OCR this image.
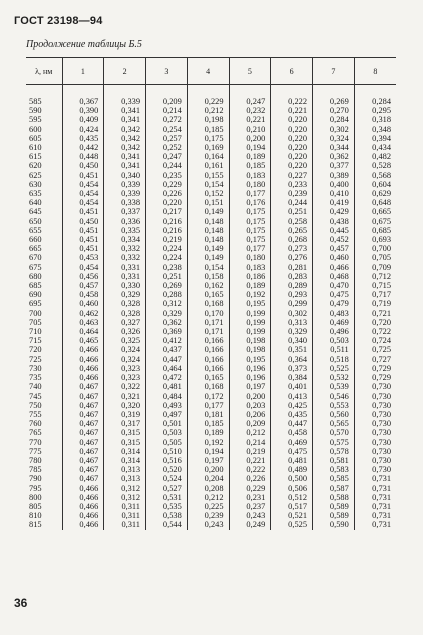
ГОСТ 23198—94
Продолжение таблицы Б.5
λ, нм	1	2	3	4	5	6	7	8

585	0,367	0,339	0,209	0,229	0,247	0,222	0,269	0,284
590	0,390	0,341	0,214	0,212	0,232	0,221	0,270	0,295
595	0,409	0,341	0,272	0,198	0,221	0,220	0,284	0,318
600	0,424	0,342	0,254	0,185	0,210	0,220	0,302	0,348
605	0,435	0,342	0,257	0,175	0,200	0,220	0,324	0,394
610	0,442	0,342	0,252	0,169	0,194	0,220	0,344	0,434
615	0,448	0,341	0,247	0,164	0,189	0,220	0,362	0,482
620	0,450	0,341	0,244	0,161	0,185	0,220	0,377	0,528
625	0,451	0,340	0,235	0,155	0,183	0,227	0,389	0,568
630	0,454	0,339	0,229	0,154	0,180	0,233	0,400	0,604
635	0,454	0,339	0,226	0,152	0,177	0,239	0,410	0,629
640	0,454	0,338	0,220	0,151	0,176	0,244	0,419	0,648
645	0,451	0,337	0,217	0,149	0,175	0,251	0,429	0,665
650	0,450	0,336	0,216	0,148	0,175	0,258	0,438	0,675
655	0,451	0,335	0,216	0,148	0,175	0,265	0,445	0,685
660	0,451	0,334	0,219	0,148	0,175	0,268	0,452	0,693
665	0,451	0,332	0,224	0,149	0,177	0,273	0,457	0,700
670	0,453	0,332	0,224	0,149	0,180	0,276	0,460	0,705
675	0,454	0,331	0,238	0,154	0,183	0,281	0,466	0,709
680	0,456	0,331	0,251	0,158	0,186	0,283	0,468	0,712
685	0,457	0,330	0,269	0,162	0,189	0,289	0,470	0,715
690	0,458	0,329	0,288	0,165	0,192	0,293	0,475	0,717
695	0,460	0,328	0,312	0,168	0,195	0,299	0,479	0,719
700	0,462	0,328	0,329	0,170	0,199	0,302	0,483	0,721
705	0,463	0,327	0,362	0,171	0,199	0,313	0,469	0,720
710	0,464	0,326	0,369	0,171	0,199	0,329	0,496	0,722
715	0,465	0,325	0,412	0,166	0,198	0,340	0,503	0,724
720	0,466	0,324	0,437	0,166	0,198	0,351	0,511	0,725
725	0,466	0,324	0,447	0,166	0,195	0,364	0,518	0,727
730	0,466	0,323	0,464	0,166	0,196	0,373	0,525	0,729
735	0,466	0,323	0,472	0,165	0,196	0,384	0,532	0,729
740	0,467	0,322	0,481	0,168	0,197	0,401	0,539	0,730
745	0,467	0,321	0,484	0,172	0,200	0,413	0,546	0,730
750	0,467	0,320	0,493	0,177	0,203	0,425	0,553	0,730
755	0,467	0,319	0,497	0,181	0,206	0,435	0,560	0,730
760	0,467	0,317	0,501	0,185	0,209	0,447	0,565	0,730
765	0,467	0,315	0,503	0,189	0,212	0,458	0,570	0,730
770	0,467	0,315	0,505	0,192	0,214	0,469	0,575	0,730
775	0,467	0,314	0,510	0,194	0,219	0,475	0,578	0,730
780	0,467	0,314	0,516	0,197	0,221	0,481	0,581	0,730
785	0,467	0,313	0,520	0,200	0,222	0,489	0,583	0,730
790	0,467	0,313	0,524	0,204	0,226	0,500	0,585	0,731
795	0,466	0,312	0,527	0,208	0,229	0,506	0,587	0,731
800	0,466	0,312	0,531	0,212	0,231	0,512	0,588	0,731
805	0,466	0,311	0,535	0,225	0,237	0,517	0,589	0,731
810	0,466	0,311	0,538	0,239	0,243	0,521	0,589	0,731
815	0,466	0,311	0,544	0,243	0,249	0,525	0,590	0,731
36
